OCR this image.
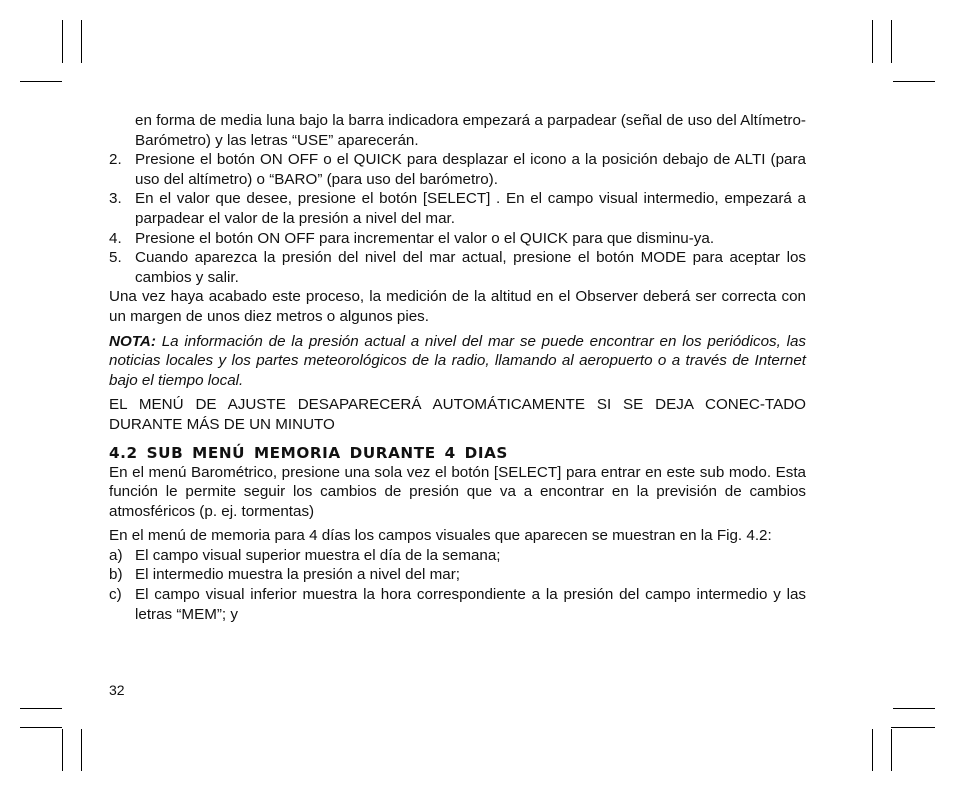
en forma de media luna bajo la barra indicadora empezará a parpadear (señal de uso del Altímetro-Barómetro) y las letras “USE” aparecerán.

2. Presione el botón ON OFF o el QUICK para desplazar el icono a la posición debajo de ALTI (para uso del altímetro) o “BARO” (para uso del barómetro).
3. En el valor que desee, presione el botón [SELECT] . En el campo visual intermedio, empezará a parpadear el valor de la presión a nivel del mar.
4. Presione el botón ON OFF para incrementar el valor o el QUICK para que disminu-ya.
5. Cuando aparezca la presión del nivel del mar actual, presione el botón MODE para aceptar los cambios y salir.

Una vez haya acabado este proceso, la medición de la altitud en el Observer deberá ser correcta con un margen de unos diez metros o algunos pies.

NOTA: La información de la presión actual a nivel del mar se puede encontrar en los periódicos, las noticias locales y los partes meteorológicos de la radio, llamando al aeropuerto o a través de Internet bajo el tiempo local.

EL MENÚ DE AJUSTE DESAPARECERÁ AUTOMÁTICAMENTE SI SE DEJA CONEC-TADO DURANTE MÁS DE UN MINUTO

4.2 SUB MENÚ MEMORIA DURANTE 4 DIAS

En el menú Barométrico, presione una sola vez el botón [SELECT] para entrar en este sub modo. Esta función le permite seguir los cambios de presión que va a encontrar en la previsión de cambios atmosféricos (p. ej. tormentas)

En el menú de memoria para 4 días los campos visuales que aparecen se muestran en la Fig. 4.2:

a) El campo visual superior muestra el día de la semana;
b) El intermedio muestra la presión a nivel del mar;
c) El campo visual inferior muestra la hora correspondiente a la presión del campo intermedio y las letras “MEM”; y
32
